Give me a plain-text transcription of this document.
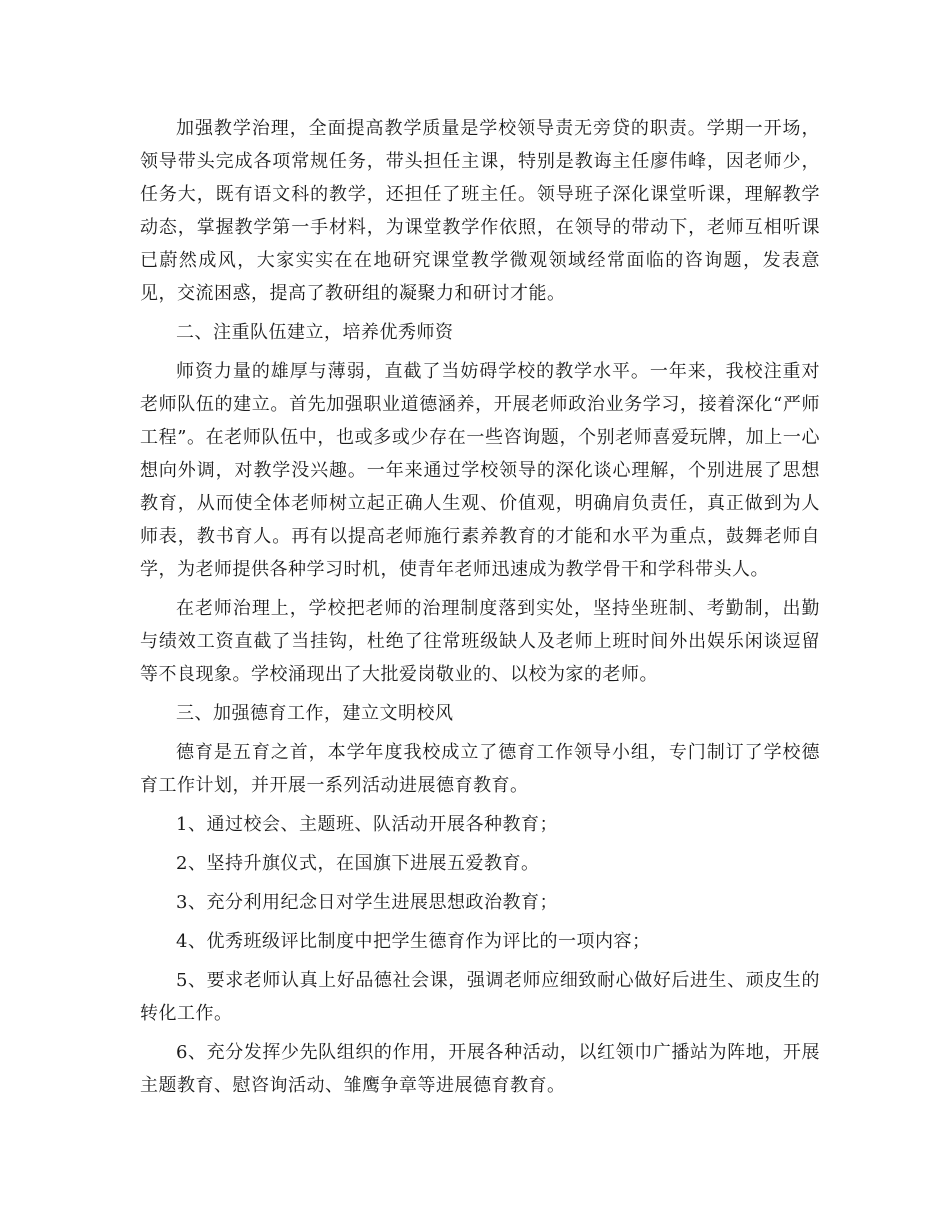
加强教学治理，全面提高教学质量是学校领导责无旁贷的职责。学期一开场，领导带头完成各项常规任务，带头担任主课，特别是教诲主任廖伟峰，因老师少，任务大，既有语文科的教学，还担任了班主任。领导班子深化课堂听课，理解教学动态，掌握教学第一手材料，为课堂教学作依照，在领导的带动下，老师互相听课已蔚然成风，大家实实在在地研究课堂教学微观领域经常面临的咨询题，发表意见，交流困惑，提高了教研组的凝聚力和研讨才能。

二、注重队伍建立，培养优秀师资

师资力量的雄厚与薄弱，直截了当妨碍学校的教学水平。一年来，我校注重对老师队伍的建立。首先加强职业道德涵养，开展老师政治业务学习，接着深化“严师工程”。在老师队伍中，也或多或少存在一些咨询题，个别老师喜爱玩牌，加上一心想向外调，对教学没兴趣。一年来通过学校领导的深化谈心理解，个别进展了思想教育，从而使全体老师树立起正确人生观、价值观，明确肩负责任，真正做到为人师表，教书育人。再有以提高老师施行素养教育的才能和水平为重点，鼓舞老师自学，为老师提供各种学习时机，使青年老师迅速成为教学骨干和学科带头人。

在老师治理上，学校把老师的治理制度落到实处，坚持坐班制、考勤制，出勤与绩效工资直截了当挂钩，杜绝了往常班级缺人及老师上班时间外出娱乐闲谈逗留等不良现象。学校涌现出了大批爱岗敬业的、以校为家的老师。

三、加强德育工作，建立文明校风

德育是五育之首，本学年度我校成立了德育工作领导小组，专门制订了学校德育工作计划，并开展一系列活动进展德育教育。

1、通过校会、主题班、队活动开展各种教育；

2、坚持升旗仪式，在国旗下进展五爱教育。

3、充分利用纪念日对学生进展思想政治教育；

4、优秀班级评比制度中把学生德育作为评比的一项内容；

5、要求老师认真上好品德社会课，强调老师应细致耐心做好后进生、顽皮生的转化工作。

6、充分发挥少先队组织的作用，开展各种活动，以红领巾广播站为阵地，开展主题教育、慰咨询活动、雏鹰争章等进展德育教育。
